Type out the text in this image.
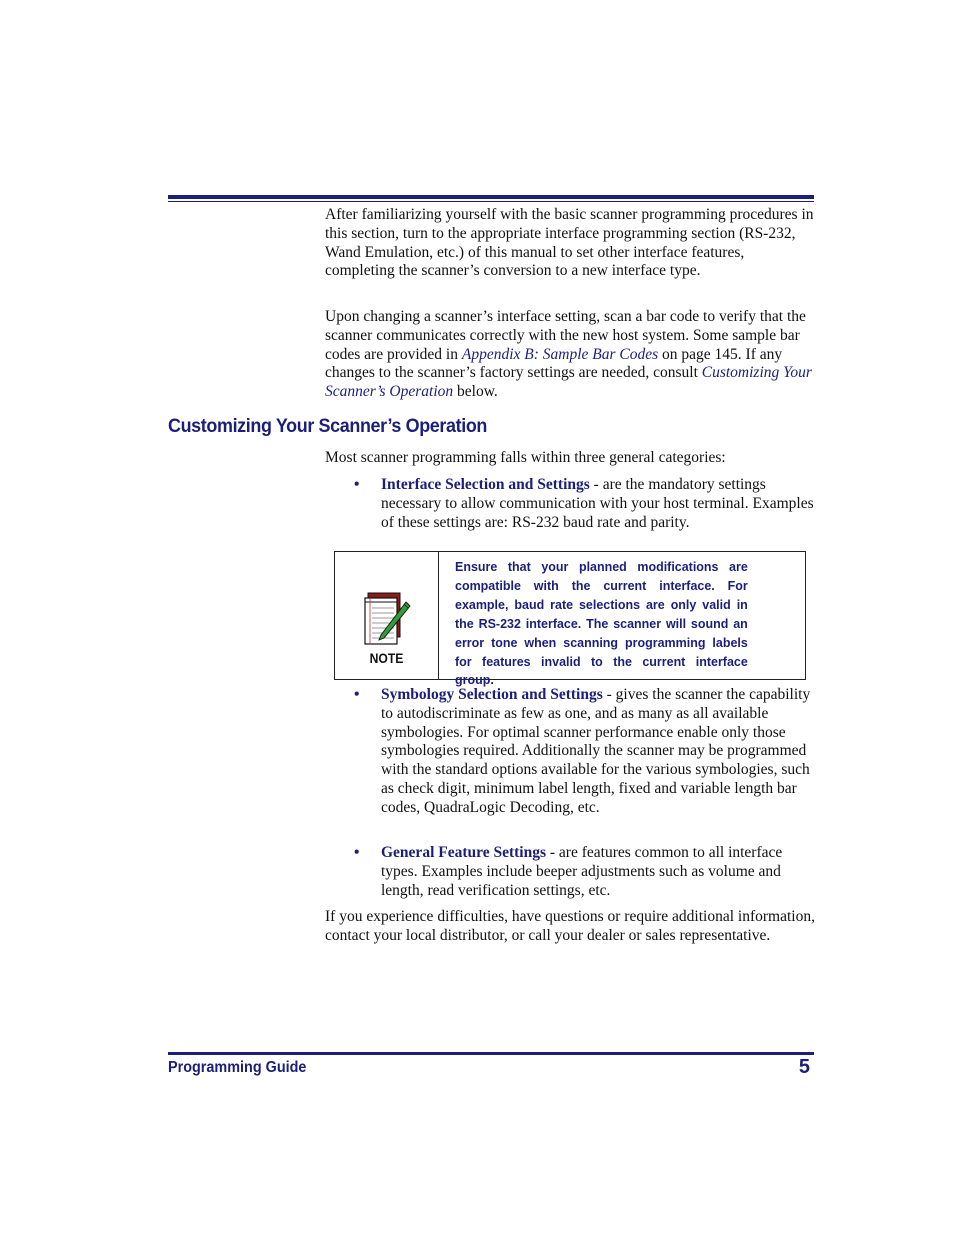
After familiarizing yourself with the basic scanner programming procedures in this section, turn to the appropriate interface programming section (RS-232, Wand Emulation, etc.) of this manual to set other interface features, completing the scanner’s conversion to a new interface type.

Upon changing a scanner’s interface setting, scan a bar code to verify that the scanner communicates correctly with the new host system. Some sample bar codes are provided in Appendix B: Sample Bar Codes on page 145. If any changes to the scanner’s factory settings are needed, consult Customizing Your Scanner’s Operation below.

Customizing Your Scanner’s Operation

Most scanner programming falls within three general categories:

• Interface Selection and Settings - are the mandatory settings necessary to allow communication with your host terminal. Examples of these settings are: RS-232 baud rate and parity.
NOTE
Ensure that your planned modifications are compatible with the current interface. For example, baud rate selections are only valid in the RS-232 interface. The scanner will sound an error tone when scanning programming labels for features invalid to the current interface group.
• Symbology Selection and Settings - gives the scanner the capability to autodiscriminate as few as one, and as many as all available symbologies. For optimal scanner performance enable only those symbologies required. Additionally the scanner may be programmed with the standard options available for the various symbologies, such as check digit, minimum label length, fixed and variable length bar codes, QuadraLogic Decoding, etc.
• General Feature Settings - are features common to all interface types. Examples include beeper adjustments such as volume and length, read verification settings, etc.

If you experience difficulties, have questions or require additional information, contact your local distributor, or call your dealer or sales representative.

Programming Guide	5
